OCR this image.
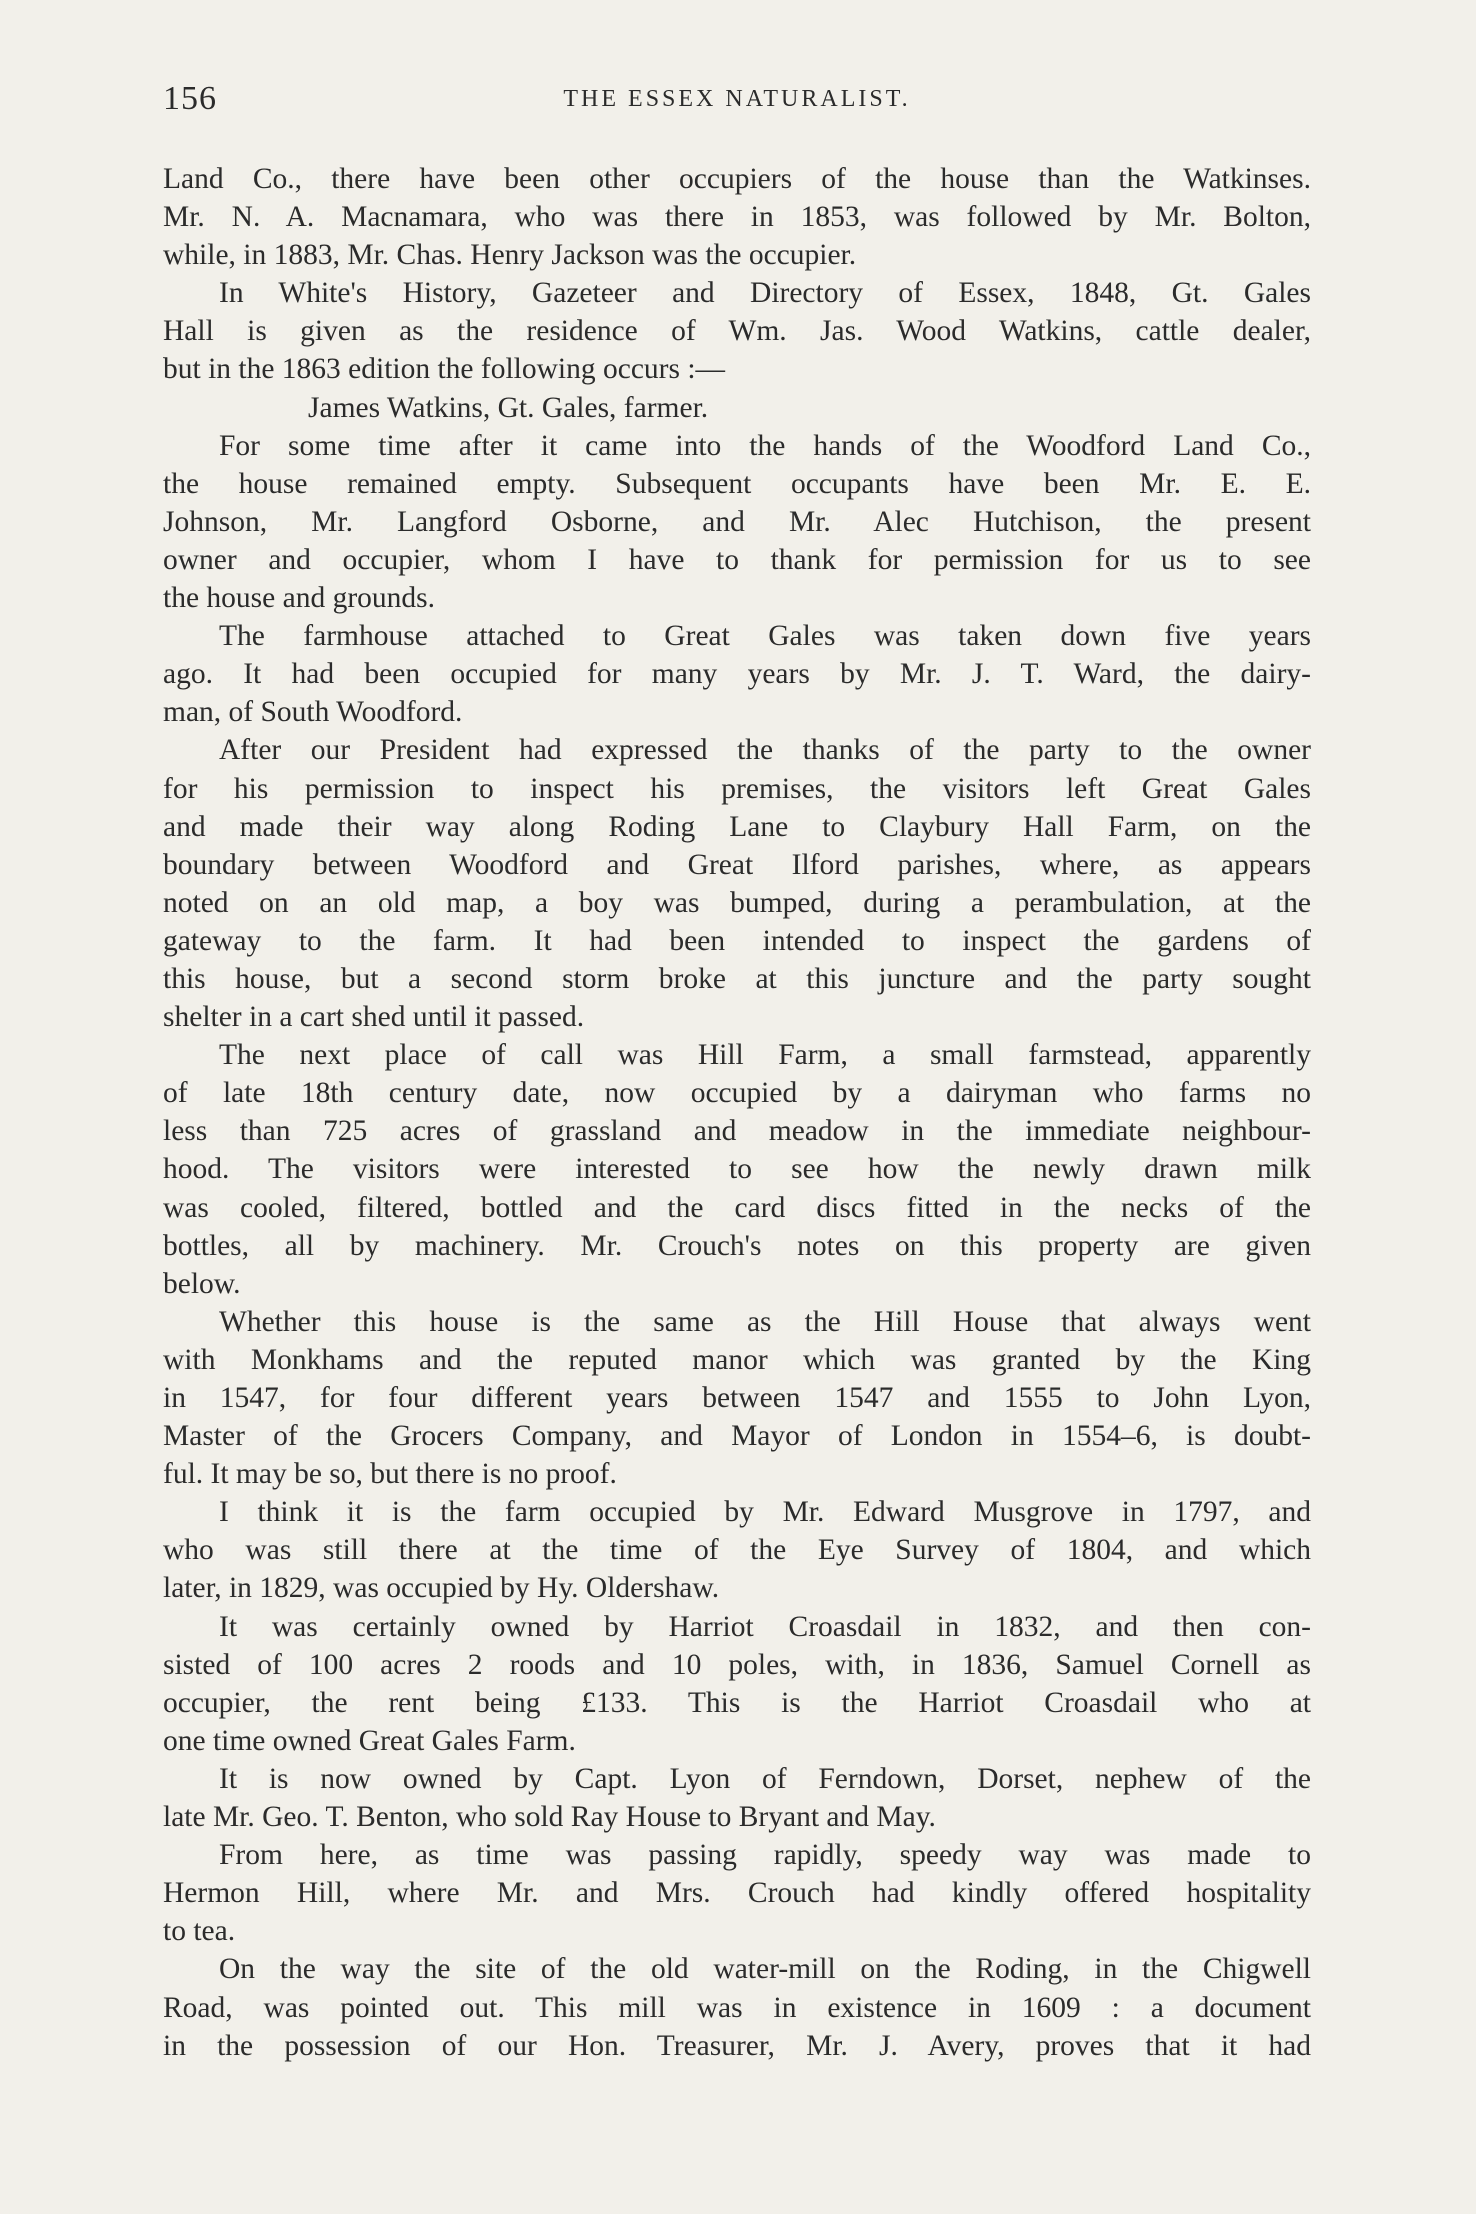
156	THE ESSEX NATURALIST.
Land Co., there have been other occupiers of the house than the Watkinses.
Mr. N. A. Macnamara, who was there in 1853, was followed by Mr. Bolton,
while, in 1883, Mr. Chas. Henry Jackson was the occupier.
In White's History, Gazeteer and Directory of Essex, 1848, Gt. Gales
Hall is given as the residence of Wm. Jas. Wood Watkins, cattle dealer,
but in the 1863 edition the following occurs :—
James Watkins, Gt. Gales, farmer.
For some time after it came into the hands of the Woodford Land Co.,
the house remained empty. Subsequent occupants have been Mr. E. E.
Johnson, Mr. Langford Osborne, and Mr. Alec Hutchison, the present
owner and occupier, whom I have to thank for permission for us to see
the house and grounds.
The farmhouse attached to Great Gales was taken down five years
ago. It had been occupied for many years by Mr. J. T. Ward, the dairy-
man, of South Woodford.
After our President had expressed the thanks of the party to the owner
for his permission to inspect his premises, the visitors left Great Gales
and made their way along Roding Lane to Claybury Hall Farm, on the
boundary between Woodford and Great Ilford parishes, where, as appears
noted on an old map, a boy was bumped, during a perambulation, at the
gateway to the farm. It had been intended to inspect the gardens of
this house, but a second storm broke at this juncture and the party sought
shelter in a cart shed until it passed.
The next place of call was Hill Farm, a small farmstead, apparently
of late 18th century date, now occupied by a dairyman who farms no
less than 725 acres of grassland and meadow in the immediate neighbour-
hood. The visitors were interested to see how the newly drawn milk
was cooled, filtered, bottled and the card discs fitted in the necks of the
bottles, all by machinery. Mr. Crouch's notes on this property are given
below.
Whether this house is the same as the Hill House that always went
with Monkhams and the reputed manor which was granted by the King
in 1547, for four different years between 1547 and 1555 to John Lyon,
Master of the Grocers Company, and Mayor of London in 1554–6, is doubt-
ful. It may be so, but there is no proof.
I think it is the farm occupied by Mr. Edward Musgrove in 1797, and
who was still there at the time of the Eye Survey of 1804, and which
later, in 1829, was occupied by Hy. Oldershaw.
It was certainly owned by Harriot Croasdail in 1832, and then con-
sisted of 100 acres 2 roods and 10 poles, with, in 1836, Samuel Cornell as
occupier, the rent being £133. This is the Harriot Croasdail who at
one time owned Great Gales Farm.
It is now owned by Capt. Lyon of Ferndown, Dorset, nephew of the
late Mr. Geo. T. Benton, who sold Ray House to Bryant and May.
From here, as time was passing rapidly, speedy way was made to
Hermon Hill, where Mr. and Mrs. Crouch had kindly offered hospitality
to tea.
On the way the site of the old water-mill on the Roding, in the Chigwell
Road, was pointed out. This mill was in existence in 1609 : a document
in the possession of our Hon. Treasurer, Mr. J. Avery, proves that it had
